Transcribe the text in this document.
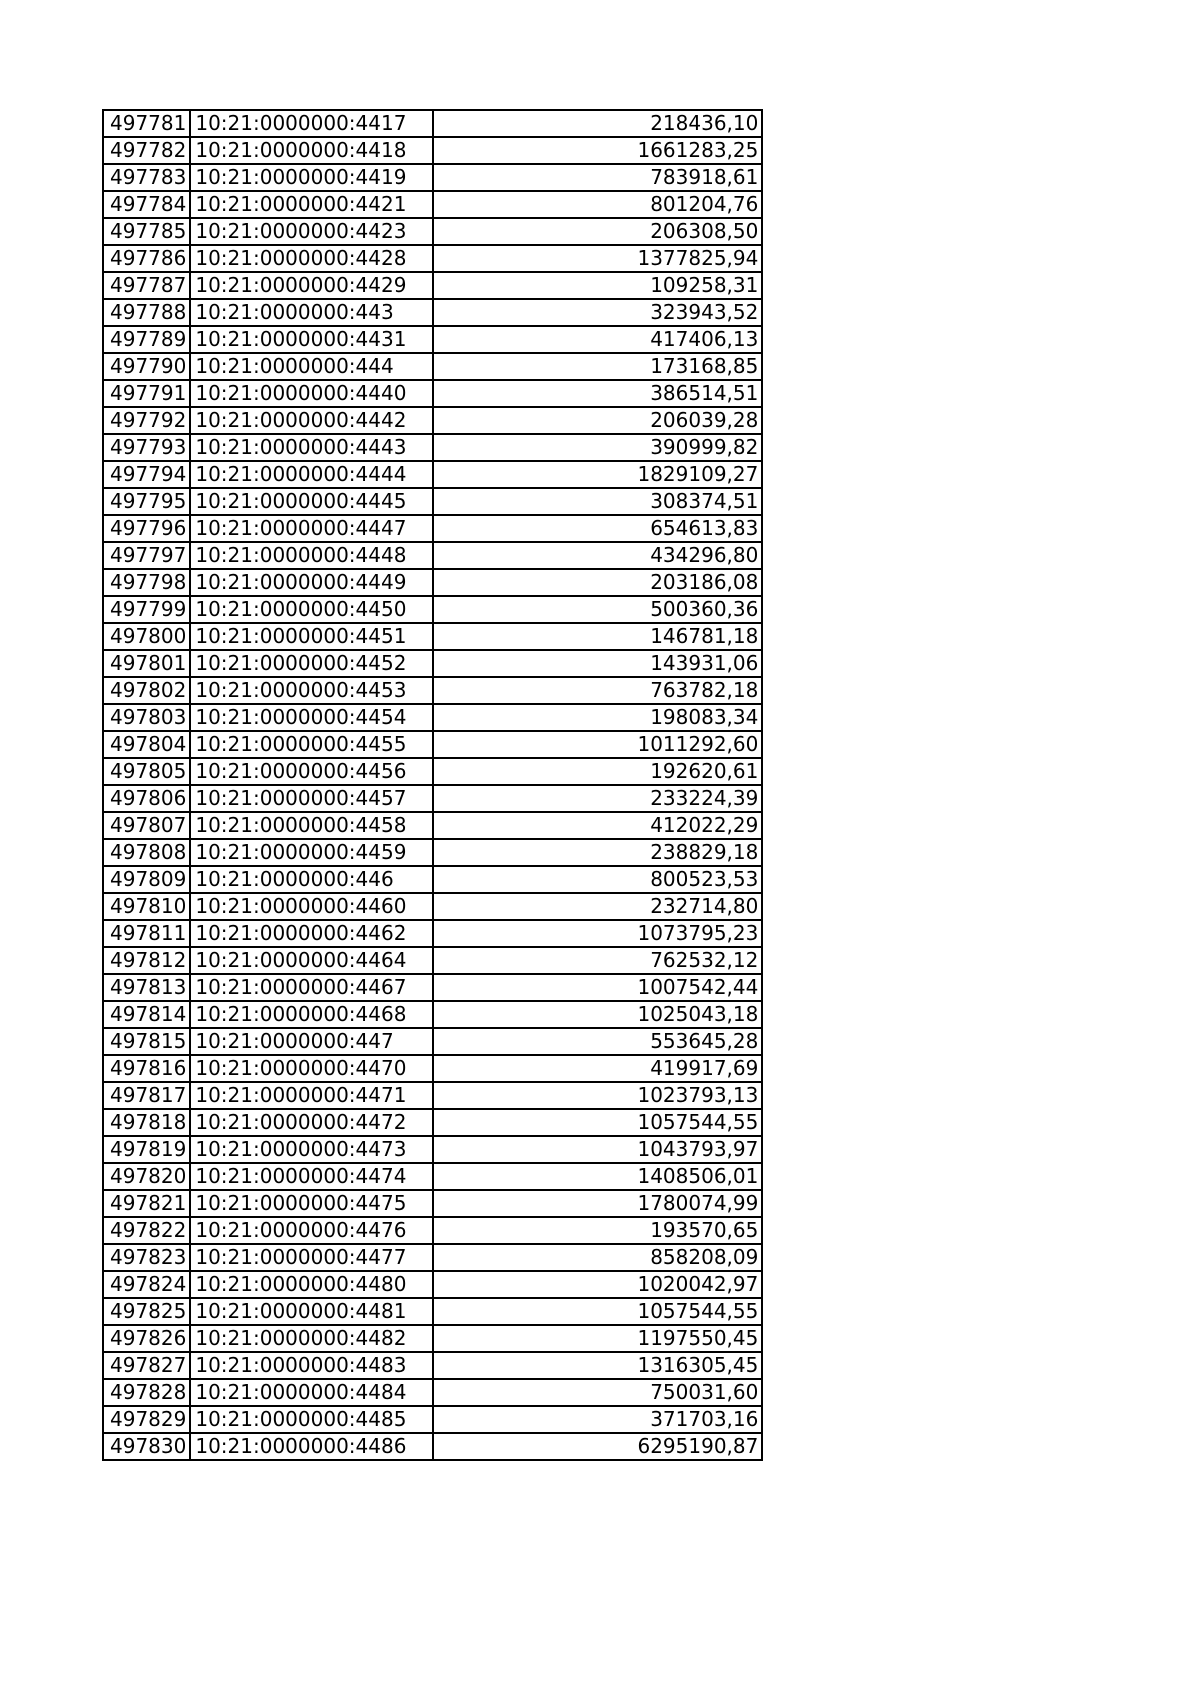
497781	10:21:0000000:4417	218436,10
497782	10:21:0000000:4418	1661283,25
497783	10:21:0000000:4419	783918,61
497784	10:21:0000000:4421	801204,76
497785	10:21:0000000:4423	206308,50
497786	10:21:0000000:4428	1377825,94
497787	10:21:0000000:4429	109258,31
497788	10:21:0000000:443	323943,52
497789	10:21:0000000:4431	417406,13
497790	10:21:0000000:444	173168,85
497791	10:21:0000000:4440	386514,51
497792	10:21:0000000:4442	206039,28
497793	10:21:0000000:4443	390999,82
497794	10:21:0000000:4444	1829109,27
497795	10:21:0000000:4445	308374,51
497796	10:21:0000000:4447	654613,83
497797	10:21:0000000:4448	434296,80
497798	10:21:0000000:4449	203186,08
497799	10:21:0000000:4450	500360,36
497800	10:21:0000000:4451	146781,18
497801	10:21:0000000:4452	143931,06
497802	10:21:0000000:4453	763782,18
497803	10:21:0000000:4454	198083,34
497804	10:21:0000000:4455	1011292,60
497805	10:21:0000000:4456	192620,61
497806	10:21:0000000:4457	233224,39
497807	10:21:0000000:4458	412022,29
497808	10:21:0000000:4459	238829,18
497809	10:21:0000000:446	800523,53
497810	10:21:0000000:4460	232714,80
497811	10:21:0000000:4462	1073795,23
497812	10:21:0000000:4464	762532,12
497813	10:21:0000000:4467	1007542,44
497814	10:21:0000000:4468	1025043,18
497815	10:21:0000000:447	553645,28
497816	10:21:0000000:4470	419917,69
497817	10:21:0000000:4471	1023793,13
497818	10:21:0000000:4472	1057544,55
497819	10:21:0000000:4473	1043793,97
497820	10:21:0000000:4474	1408506,01
497821	10:21:0000000:4475	1780074,99
497822	10:21:0000000:4476	193570,65
497823	10:21:0000000:4477	858208,09
497824	10:21:0000000:4480	1020042,97
497825	10:21:0000000:4481	1057544,55
497826	10:21:0000000:4482	1197550,45
497827	10:21:0000000:4483	1316305,45
497828	10:21:0000000:4484	750031,60
497829	10:21:0000000:4485	371703,16
497830	10:21:0000000:4486	6295190,87
